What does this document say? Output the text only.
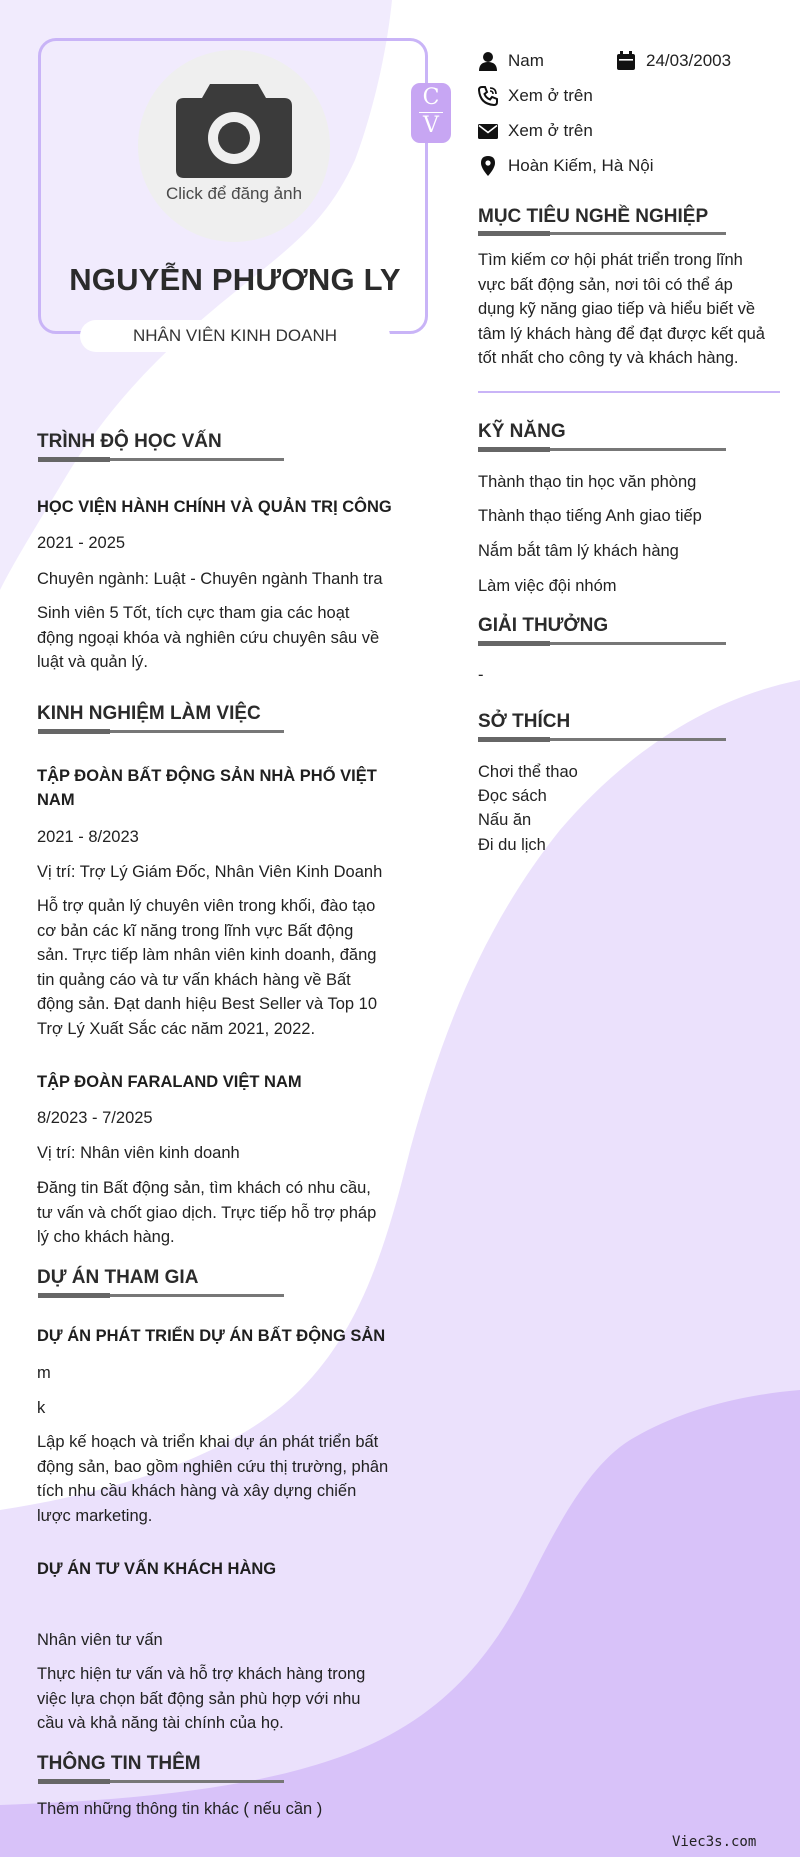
Click để đăng ảnh
NGUYỄN PHƯƠNG LY
NHÂN VIÊN KINH DOANH
C
V
Nam	24/03/2003
Xem ở trên
Xem ở trên
Hoàn Kiếm, Hà Nội
MỤC TIÊU NGHỀ NGHIỆP
Tìm kiếm cơ hội phát triển trong lĩnh
vực bất động sản, nơi tôi có thể áp
dụng kỹ năng giao tiếp và hiểu biết về
tâm lý khách hàng để đạt được kết quả
tốt nhất cho công ty và khách hàng.
KỸ NĂNG
Thành thạo tin học văn phòng
Thành thạo tiếng Anh giao tiếp
Nắm bắt tâm lý khách hàng
Làm việc đội nhóm
GIẢI THƯỞNG
-
SỞ THÍCH
Chơi thể thao
Đọc sách
Nấu ăn
Đi du lịch
TRÌNH ĐỘ HỌC VẤN
HỌC VIỆN HÀNH CHÍNH VÀ QUẢN TRỊ CÔNG
2021 - 2025
Chuyên ngành: Luật - Chuyên ngành Thanh tra
Sinh viên 5 Tốt, tích cực tham gia các hoạt
động ngoại khóa và nghiên cứu chuyên sâu về
luật và quản lý.
KINH NGHIỆM LÀM VIỆC
TẬP ĐOÀN BẤT ĐỘNG SẢN NHÀ PHỐ VIỆT
NAM
2021 - 8/2023
Vị trí: Trợ Lý Giám Đốc, Nhân Viên Kinh Doanh
Hỗ trợ quản lý chuyên viên trong khối, đào tạo
cơ bản các kĩ năng trong lĩnh vực Bất động
sản. Trực tiếp làm nhân viên kinh doanh, đăng
tin quảng cáo và tư vấn khách hàng về Bất
động sản. Đạt danh hiệu Best Seller và Top 10
Trợ Lý Xuất Sắc các năm 2021, 2022.
TẬP ĐOÀN FARALAND VIỆT NAM
8/2023 - 7/2025
Vị trí: Nhân viên kinh doanh
Đăng tin Bất động sản, tìm khách có nhu cầu,
tư vấn và chốt giao dịch. Trực tiếp hỗ trợ pháp
lý cho khách hàng.
DỰ ÁN THAM GIA
DỰ ÁN PHÁT TRIỂN DỰ ÁN BẤT ĐỘNG SẢN
m
k
Lập kế hoạch và triển khai dự án phát triển bất
động sản, bao gồm nghiên cứu thị trường, phân
tích nhu cầu khách hàng và xây dựng chiến
lược marketing.
DỰ ÁN TƯ VẤN KHÁCH HÀNG
Nhân viên tư vấn
Thực hiện tư vấn và hỗ trợ khách hàng trong
việc lựa chọn bất động sản phù hợp với nhu
cầu và khả năng tài chính của họ.
THÔNG TIN THÊM
Thêm những thông tin khác ( nếu cần )
Viec3s.com
